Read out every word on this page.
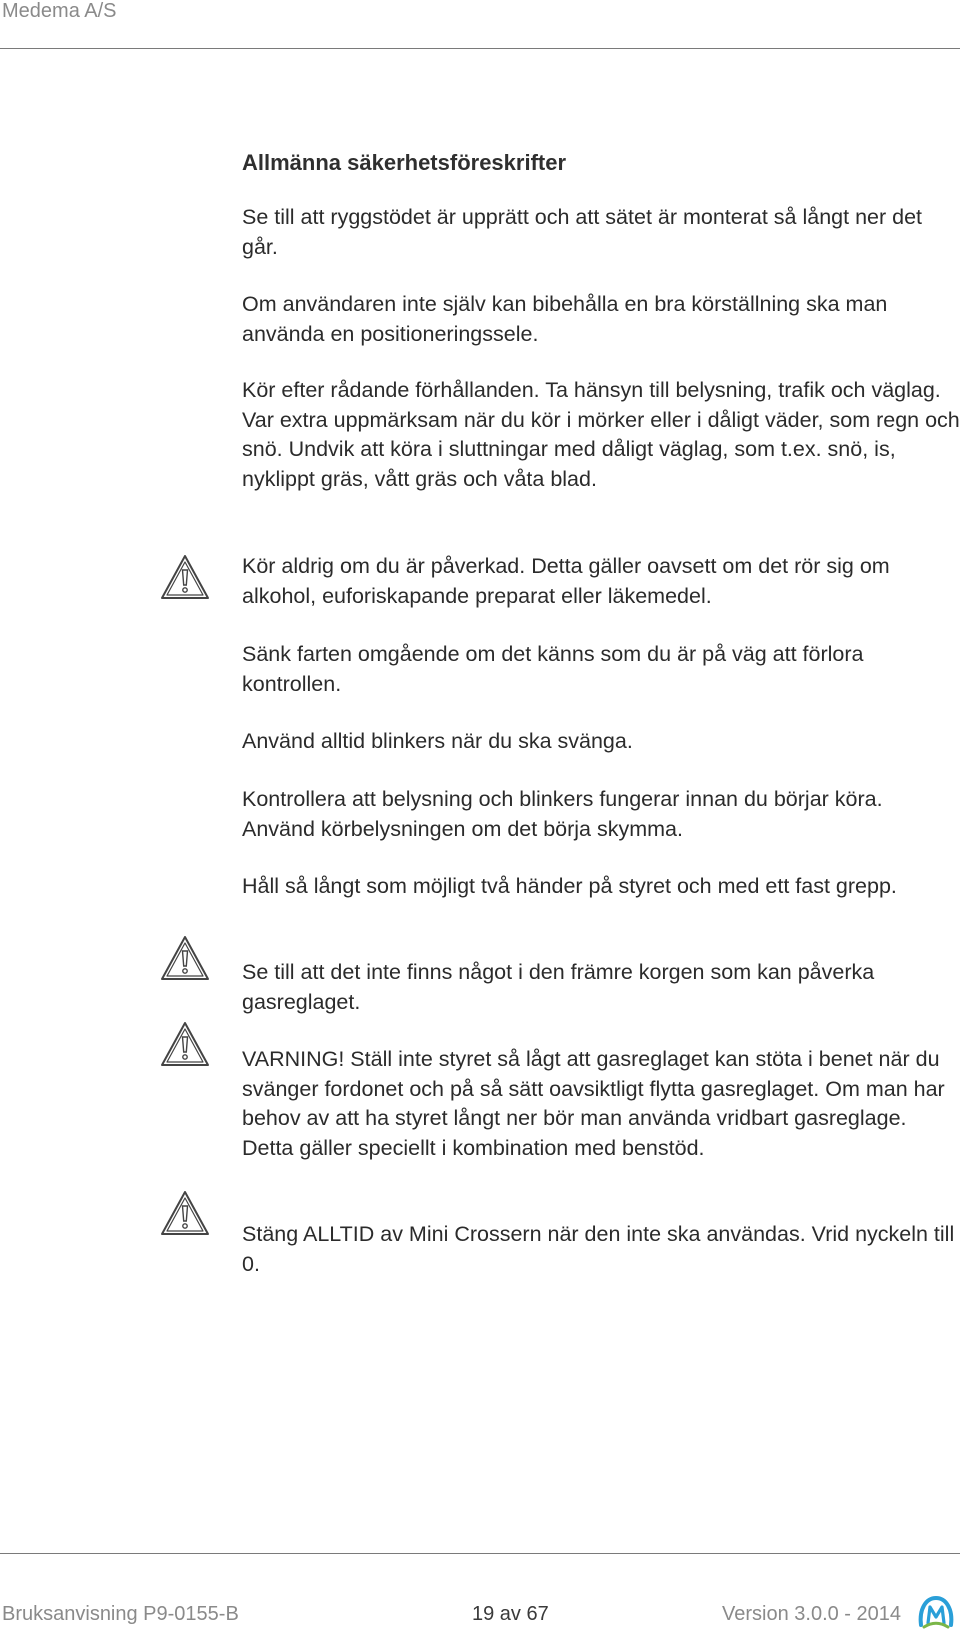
Medema A/S
Allmänna säkerhetsföreskrifter

Se till att ryggstödet är upprätt och att sätet är monterat så långt ner det går.

Om användaren inte själv kan bibehålla en bra körställning ska man använda en positioneringssele.

Kör efter rådande förhållanden. Ta hänsyn till belysning, trafik och väglag. Var extra uppmärksam när du kör i mörker eller i dåligt väder, som regn och snö. Undvik att köra i sluttningar med dåligt väglag, som t.ex. snö, is, nyklippt gräs, vått gräs och våta blad.

Kör aldrig om du är påverkad. Detta gäller oavsett om det rör sig om alkohol, euforiskapande preparat eller läkemedel.

Sänk farten omgående om det känns som du är på väg att förlora kontrollen.

Använd alltid blinkers när du ska svänga.

Kontrollera att belysning och blinkers fungerar innan du börjar köra. Använd körbelysningen om det börja skymma.

Håll så långt som möjligt två händer på styret och med ett fast grepp.

Se till att det inte finns något i den främre korgen som kan påverka gasreglaget.

VARNING! Ställ inte styret så lågt att gasreglaget kan stöta i benet när du svänger fordonet och på så sätt oavsiktligt flytta gasreglaget. Om man har behov av att ha styret långt ner bör man använda vridbart gasreglage. Detta gäller speciellt i kombination med benstöd.

Stäng ALLTID av Mini Crossern när den inte ska användas. Vrid nyckeln till 0.

Bruksanvisning P9-0155-B	19 av 67	Version 3.0.0 - 2014
